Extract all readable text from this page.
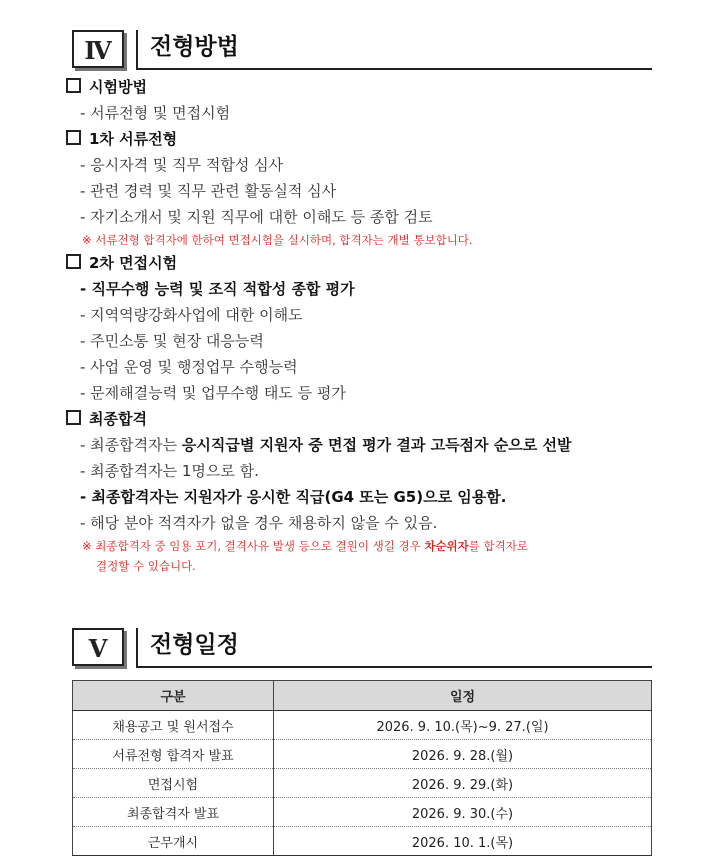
Ⅳ	전형방법
시험방법
- 서류전형 및 면접시험
1차 서류전형
- 응시자격 및 직무 적합성 심사
- 관련 경력 및 직무 관련 활동실적 심사
- 자기소개서 및 지원 직무에 대한 이해도 등 종합 검토
※ 서류전형 합격자에 한하여 면접시험을 실시하며, 합격자는 개별 통보합니다.
2차 면접시험
- 직무수행 능력 및 조직 적합성 종합 평가
- 지역역량강화사업에 대한 이해도
- 주민소통 및 현장 대응능력
- 사업 운영 및 행정업무 수행능력
- 문제해결능력 및 업무수행 태도 등 평가
최종합격
- 최종합격자는 응시직급별 지원자 중 면접 평가 결과 고득점자 순으로 선발
- 최종합격자는 1명으로 함.
- 최종합격자는 지원자가 응시한 직급(G4 또는 G5)으로 임용함.
- 해당 분야 적격자가 없을 경우 채용하지 않을 수 있음.
※ 최종합격자 중 임용 포기, 결격사유 발생 등으로 결원이 생길 경우 차순위자를 합격자로
결정할 수 있습니다.
Ⅴ	전형일정
구분	일정
채용공고 및 원서접수	2026. 9. 10.(목)~9. 27.(일)
서류전형 합격자 발표	2026. 9. 28.(월)
면접시험	2026. 9. 29.(화)
최종합격자 발표	2026. 9. 30.(수)
근무개시	2026. 10. 1.(목)
